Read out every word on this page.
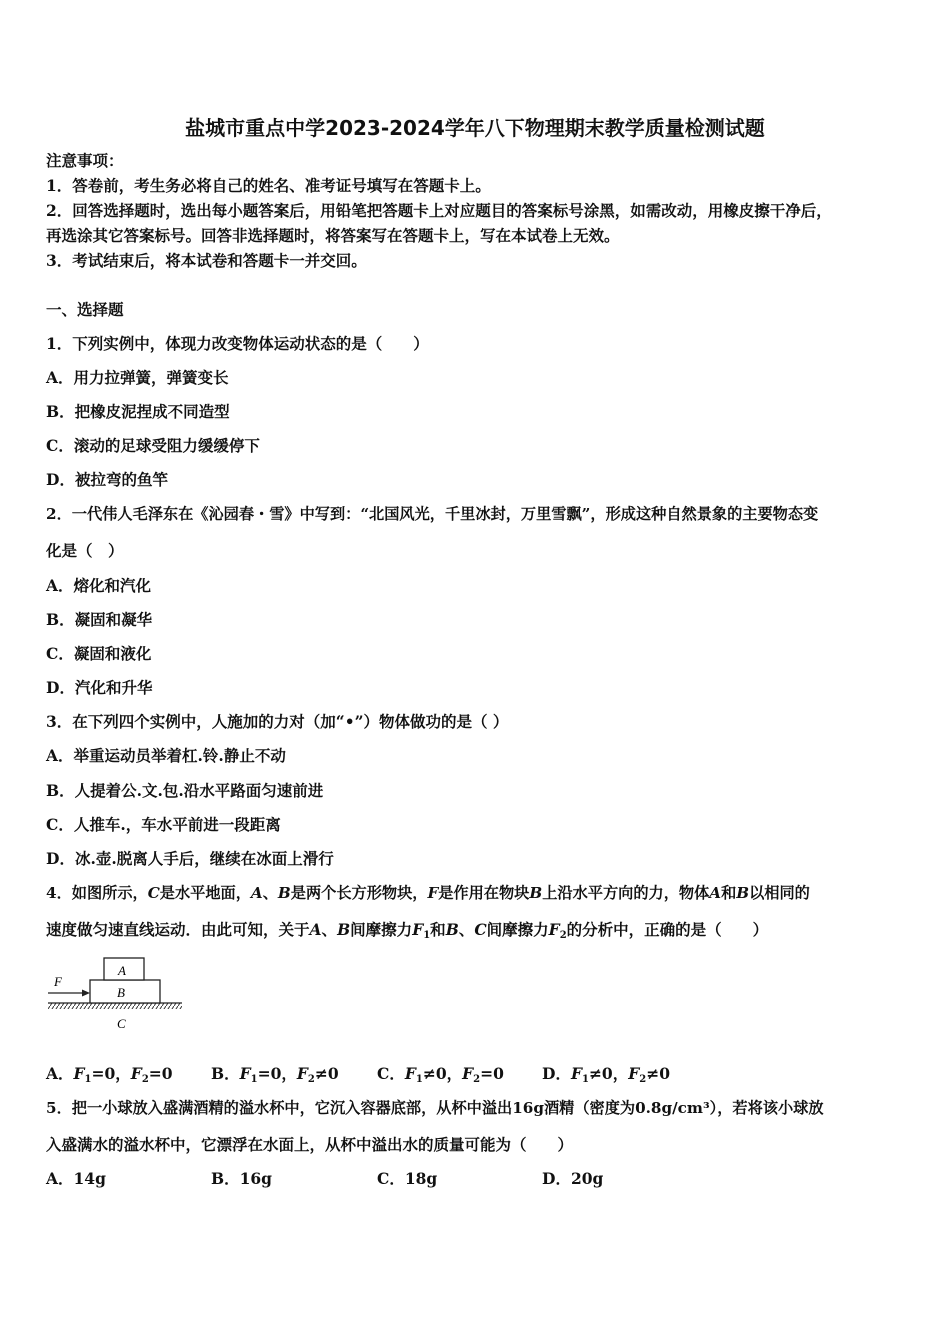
盐城市重点中学2023-2024学年八下物理期末教学质量检测试题
注意事项：
1．答卷前，考生务必将自己的姓名、准考证号填写在答题卡上。
2．回答选择题时，选出每小题答案后，用铅笔把答题卡上对应题目的答案标号涂黑，如需改动，用橡皮擦干净后，
再选涂其它答案标号。回答非选择题时，将答案写在答题卡上，写在本试卷上无效。
3．考试结束后，将本试卷和答题卡一并交回。
一、选择题
1．下列实例中，体现力改变物体运动状态的是（　　）
A．用力拉弹簧，弹簧变长
B．把橡皮泥捏成不同造型
C．滚动的足球受阻力缓缓停下
D．被拉弯的鱼竿
2．一代伟人毛泽东在《沁园春・雪》中写到：“北国风光，千里冰封，万里雪飘”，形成这种自然景象的主要物态变
化是（　）
A．熔化和汽化
B．凝固和凝华
C．凝固和液化
D．汽化和升华
3．在下列四个实例中，人施加的力对（加“•”）物体做功的是（ ）
A．举重运动员举着杠.铃.静止不动
B．人提着公.文.包.沿水平路面匀速前进
C．人推车.，车水平前进一段距离
D．冰.壶.脱离人手后，继续在冰面上滑行
4．如图所示，C是水平地面，A、B是两个长方形物块，F是作用在物块B上沿水平方向的力，物体A和B以相同的
速度做匀速直线运动．由此可知，关于A、B间摩擦力$F_1$和B、C间摩擦力$F_2$的分析中，正确的是（　　）
F
A
B
C
A．$F_1=0$，$F_2=0$ B．$F_1=0$，$F_2\ne 0$ C．$F_1\ne 0$，$F_2=0$ D．$F_1\ne 0$，$F_2\ne 0$
5．把一小球放入盛满酒精的溢水杯中，它沉入容器底部，从杯中溢出16g酒精（密度为0.8g/cm³），若将该小球放
入盛满水的溢水杯中，它漂浮在水面上，从杯中溢出水的质量可能为（　　）
A．14g	B．16g	C．18g	D．20g
